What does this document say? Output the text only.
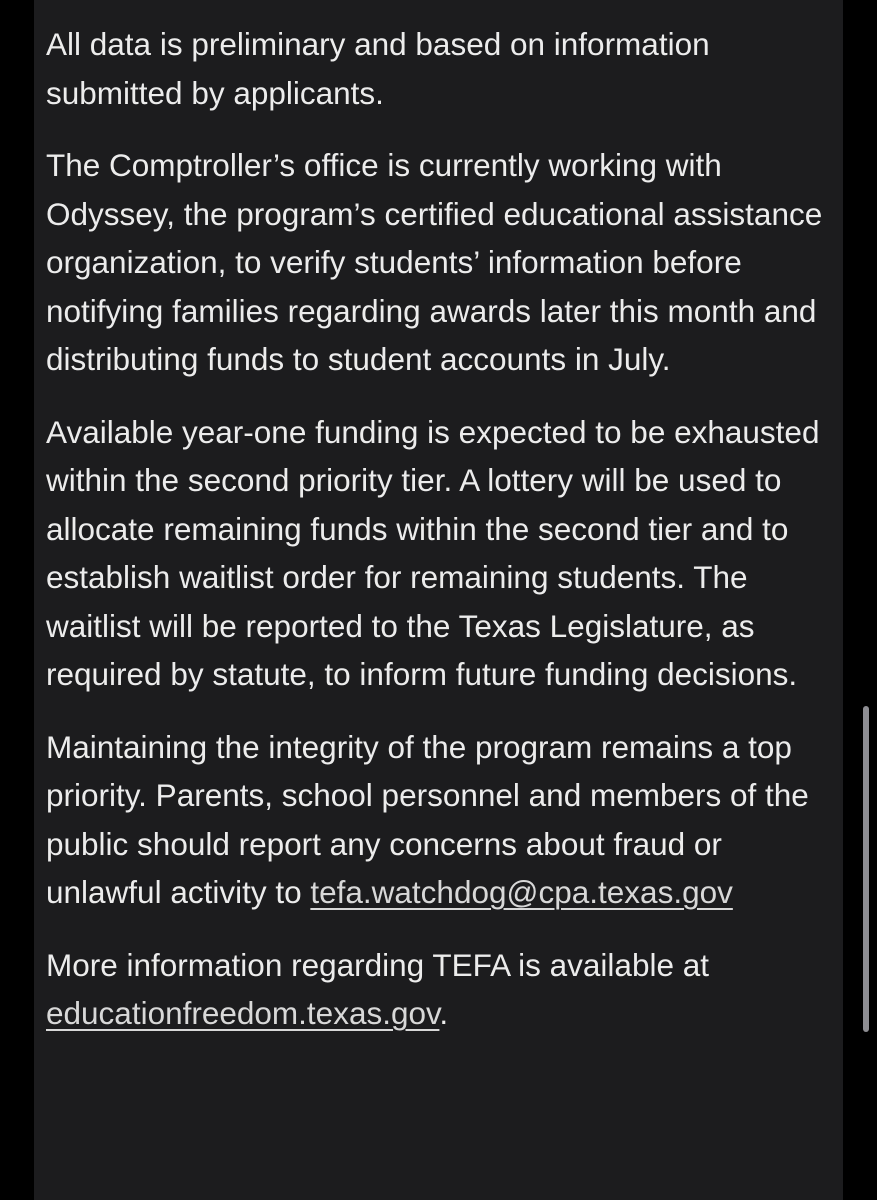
All data is preliminary and based on information submitted by applicants.

The Comptroller’s office is currently working with Odyssey, the program’s certified educational assistance organization, to verify students’ information before notifying families regarding awards later this month and distributing funds to student accounts in July.

Available year-one funding is expected to be exhausted within the second priority tier. A lottery will be used to allocate remaining funds within the second tier and to establish waitlist order for remaining students. The waitlist will be reported to the Texas Legislature, as required by statute, to inform future funding decisions.

Maintaining the integrity of the program remains a top priority. Parents, school personnel and members of the public should report any concerns about fraud or unlawful activity to tefa.watchdog@cpa.texas.gov

More information regarding TEFA is available at educationfreedom.texas.gov.
